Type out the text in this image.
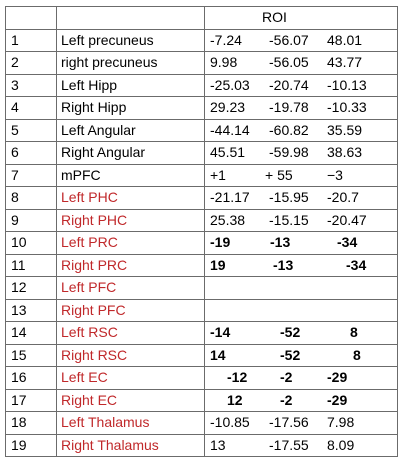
		ROI
1	Left precuneus	-7.24 -56.07 48.01

2	right precuneus	9.98 -56.05 43.77

3	Left Hipp	-25.03 -20.74 -10.13

4	Right Hipp	29.23 -19.78 -10.33

5	Left Angular	-44.14 -60.82 35.59

6	Right Angular	45.51 -59.98 38.63

7	mPFC	+1 + 55 −3

8	Left PHC	-21.17 -15.95 -20.7

9	Right PHC	25.38 -15.15 -20.47

10	Left PRC	-19 -13 -34

11	Right PRC	19 -13 -34

12	Left PFC	

13	Right PFC	

14	Left RSC	-14 -52 8

15	Right RSC	14 -52 8

16	Left EC	-12 -2 -29

17	Right EC	12 -2 -29

18	Left Thalamus	-10.85 -17.56 7.98

19	Right Thalamus	13 -17.55 8.09
